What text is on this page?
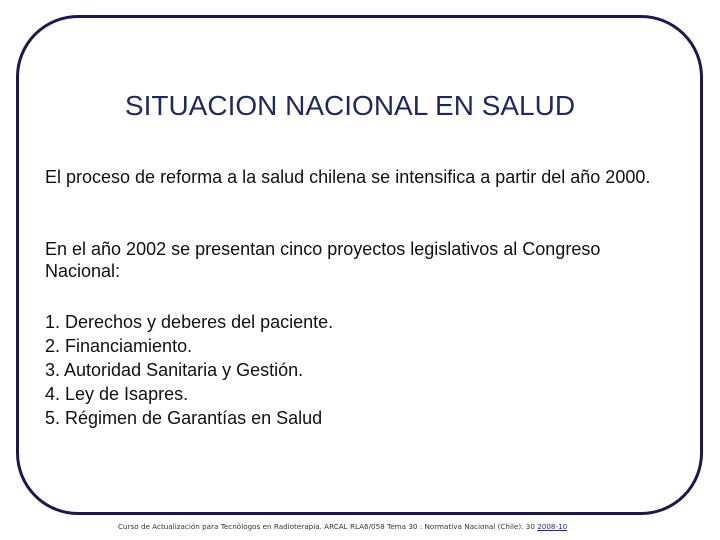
SITUACION NACIONAL EN SALUD

El proceso de reforma a la salud chilena se intensifica a partir del año 2000.

En el año 2002 se presentan cinco proyectos legislativos al Congreso Nacional:

1. Derechos y deberes del paciente.
2. Financiamiento.
3. Autoridad Sanitaria y Gestión.
4. Ley de Isapres.
5. Régimen de Garantías en Salud
Curso de Actualización para Tecnólogos en Radioterapia. ARCAL RLA6/058 Tema 30 : Normativa Nacional (Chile). 30 2008-10
